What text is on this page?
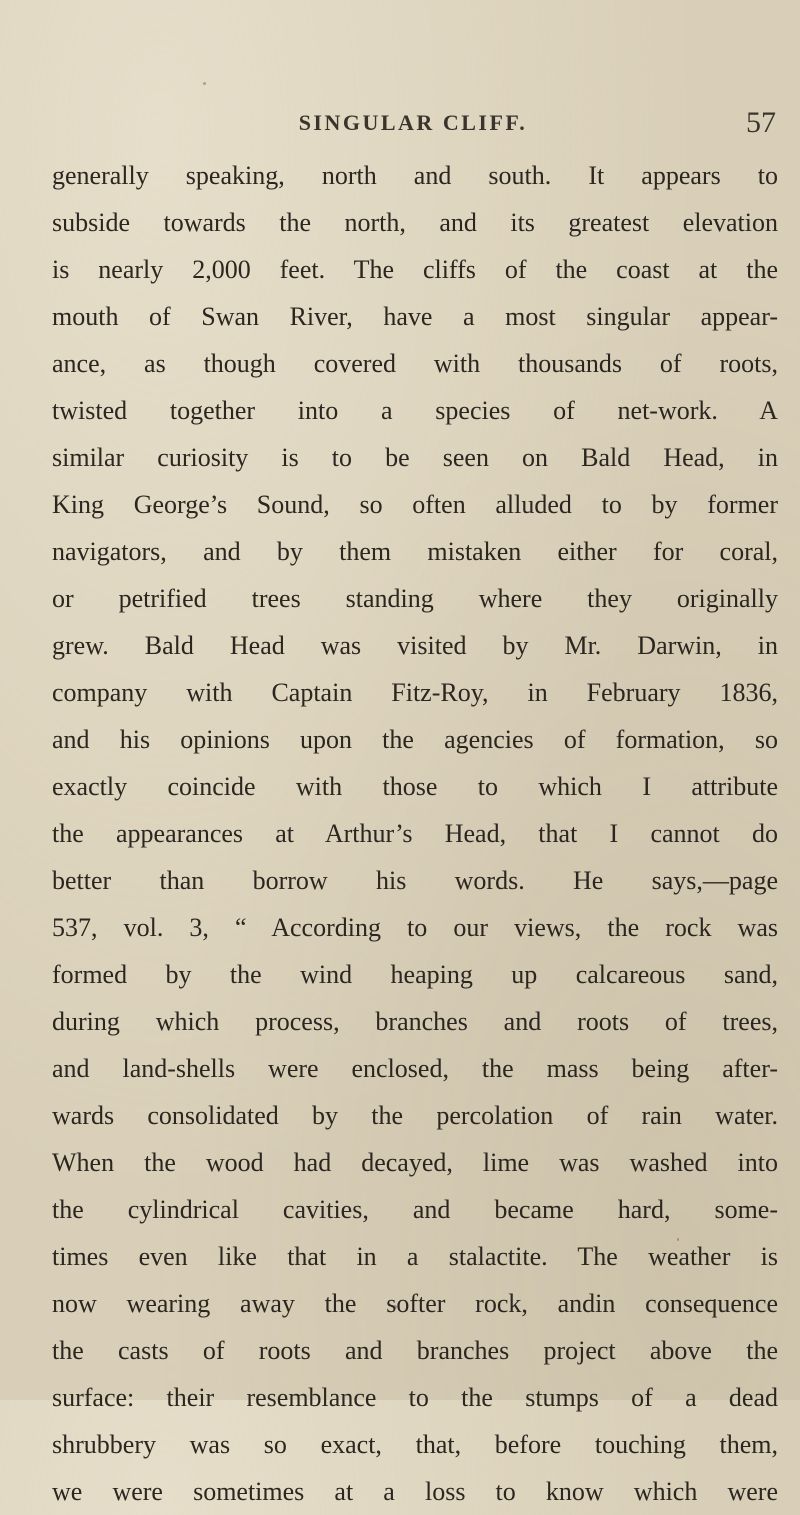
SINGULAR CLIFF.	57
generally speaking, north and south. It appears to
subside towards the north, and its greatest elevation
is nearly 2,000 feet. The cliffs of the coast at the
mouth of Swan River, have a most singular appear-
ance, as though covered with thousands of roots,
twisted together into a species of net-work. A
similar curiosity is to be seen on Bald Head, in
King George’s Sound, so often alluded to by former
navigators, and by them mistaken either for coral,
or petrified trees standing where they originally
grew. Bald Head was visited by Mr. Darwin, in
company with Captain Fitz-Roy, in February 1836,
and his opinions upon the agencies of formation, so
exactly coincide with those to which I attribute
the appearances at Arthur’s Head, that I cannot do
better than borrow his words. He says,—page
537, vol. 3, “ According to our views, the rock was
formed by the wind heaping up calcareous sand,
during which process, branches and roots of trees,
and land-shells were enclosed, the mass being after-
wards consolidated by the percolation of rain water.
When the wood had decayed, lime was washed into
the cylindrical cavities, and became hard, some-
times even like that in a stalactite. The weather is
now wearing away the softer rock, andin consequence
the casts of roots and branches project above the
surface: their resemblance to the stumps of a dead
shrubbery was so exact, that, before touching them,
we were sometimes at a loss to know which were
